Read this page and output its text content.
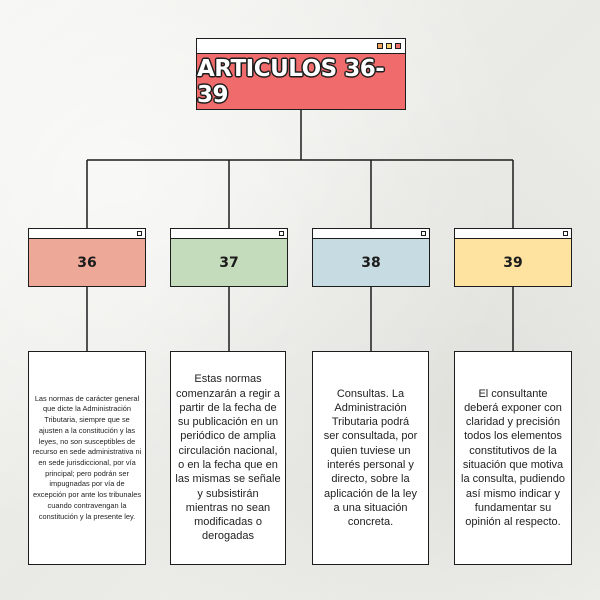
ARTICULOS 36-39
36	37	38	39
Las normas de carácter general que dicte la Administración Tributaria, siempre que se ajusten a la constitución y las leyes, no son susceptibles de recurso en sede administrativa ni en sede jurisdiccional, por vía principal; pero podrán ser impugnadas por vía de excepción por ante los tribunales cuando contravengan la constitución y la presente ley.
Estas normas comenzarán a regir a partir de la fecha de su publicación en un periódico de amplia circulación nacional, o en la fecha que en las mismas se señale y subsistirán mientras no sean modificadas o derogadas
Consultas. La Administración Tributaria podrá ser consultada, por quien tuviese un interés personal y directo, sobre la aplicación de la ley a una situación concreta.
El consultante deberá exponer con claridad y precisión todos los elementos constitutivos de la situación que motiva la consulta, pudiendo así mismo indicar y fundamentar su opinión al respecto.
